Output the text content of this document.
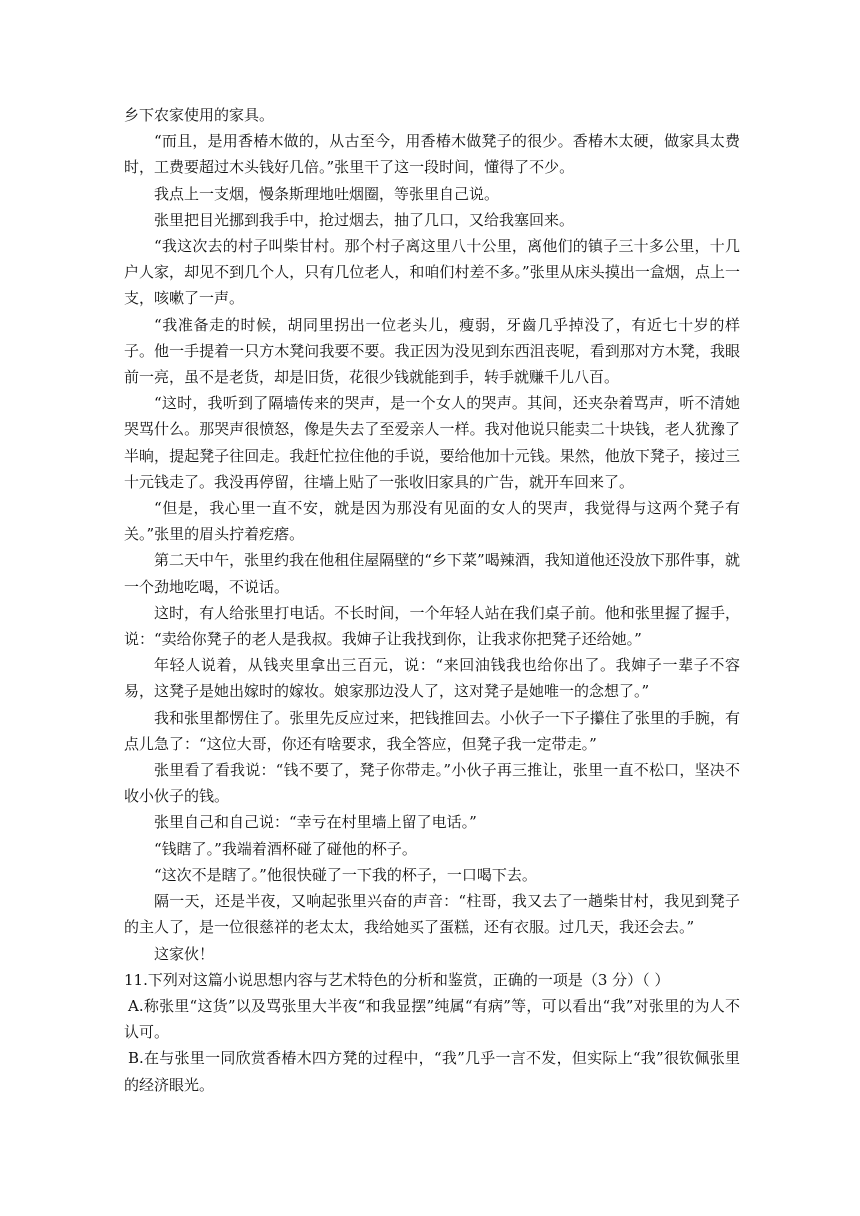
乡下农家使用的家具。

“而且，是用香椿木做的，从古至今，用香椿木做凳子的很少。香椿木太硬，做家具太费时，工费要超过木头钱好几倍。”张里干了这一段时间，懂得了不少。

我点上一支烟，慢条斯理地吐烟圈，等张里自己说。

张里把目光挪到我手中，抢过烟去，抽了几口，又给我塞回来。

“我这次去的村子叫柴甘村。那个村子离这里八十公里，离他们的镇子三十多公里，十几户人家，却见不到几个人，只有几位老人，和咱们村差不多。”张里从床头摸出一盒烟，点上一支，咳嗽了一声。

“我准备走的时候，胡同里拐出一位老头儿，瘦弱，牙齒几乎掉没了，有近七十岁的样子。他一手提着一只方木凳问我要不要。我正因为没见到东西沮丧呢，看到那对方木凳，我眼前一亮，虽不是老货，却是旧货，花很少钱就能到手，转手就赚千儿八百。

“这时，我听到了隔墙传来的哭声，是一个女人的哭声。其间，还夹杂着骂声，听不清她哭骂什么。那哭声很愤怒，像是失去了至爱亲人一样。我对他说只能卖二十块钱，老人犹豫了半晌，提起凳子往回走。我赶忙拉住他的手说，要给他加十元钱。果然，他放下凳子，接过三十元钱走了。我没再停留，往墙上贴了一张收旧家具的广告，就开车回来了。

“但是，我心里一直不安，就是因为那没有见面的女人的哭声，我觉得与这两个凳子有关。”张里的眉头拧着疙瘩。

第二天中午，张里约我在他租住屋隔壁的“乡下菜”喝辣酒，我知道他还没放下那件事，就一个劲地吃喝，不说话。

这时，有人给张里打电话。不长时间，一个年轻人站在我们桌子前。他和张里握了握手，说：“卖给你凳子的老人是我叔。我婶子让我找到你，让我求你把凳子还给她。”

年轻人说着，从钱夹里拿出三百元，说：“来回油钱我也给你出了。我婶子一辈子不容易，这凳子是她出嫁时的嫁妆。娘家那边没人了，这对凳子是她唯一的念想了。”

我和张里都愣住了。张里先反应过来，把钱推回去。小伙子一下子攥住了张里的手腕，有点儿急了：“这位大哥，你还有啥要求，我全答应，但凳子我一定带走。”

张里看了看我说：“钱不要了，凳子你带走。”小伙子再三推让，张里一直不松口，坚决不收小伙子的钱。

张里自己和自己说：“幸亏在村里墙上留了电话。”

“钱瞎了。”我端着酒杯碰了碰他的杯子。

“这次不是瞎了。”他很快碰了一下我的杯子，一口喝下去。

隔一天，还是半夜，又响起张里兴奋的声音：“柱哥，我又去了一趟柴甘村，我见到凳子的主人了，是一位很慈祥的老太太，我给她买了蛋糕，还有衣服。过几天，我还会去。”

这家伙！

11.下列对这篇小说思想内容与艺术特色的分析和鉴赏，正确的一项是（3 分）（ ）

A.称张里“这货”以及骂张里大半夜“和我显摆”纯属“有病”等，可以看出“我”对张里的为人不认可。

B.在与张里一同欣赏香椿木四方凳的过程中，“我”几乎一言不发，但实际上“我”很钦佩张里的经济眼光。
